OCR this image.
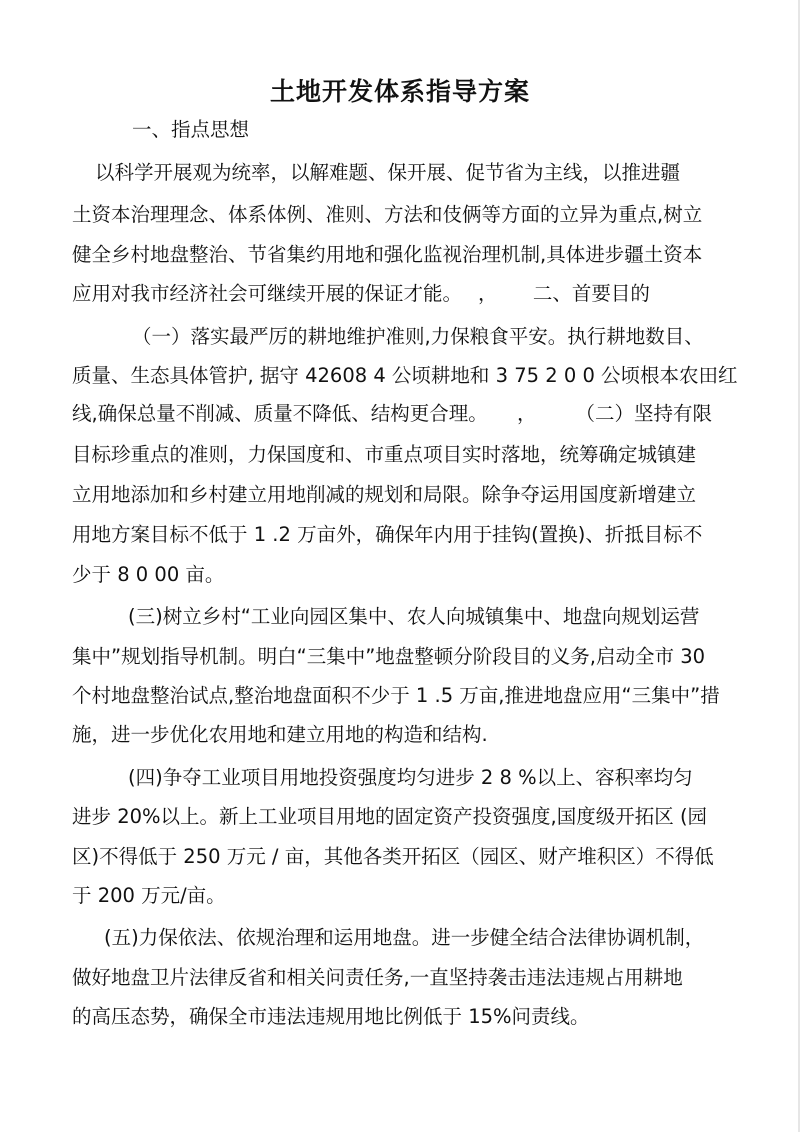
土地开发体系指导方案
一、指点思想
以科学开展观为统率，以解难题、保开展、促节省为主线，以推进疆
土资本治理理念、体系体例、准则、方法和伎俩等方面的立异为重点,树立
健全乡村地盘整治、节省集约用地和强化监视治理机制,具体进步疆土资本
应用对我市经济社会可继续开展的保证才能。　 ，　　 二、首要目的
（一）落实最严厉的耕地维护准则,力保粮食平安。执行耕地数目、
质量、生态具体管护, 据守 42608 4 公顷耕地和 3 75 2 0 0 公顷根本农田红
线,确保总量不削减、质量不降低、结构更合理。　　，　　　（二）坚持有限
目标珍重点的准则，力保国度和、市重点项目实时落地，统筹确定城镇建
立用地添加和乡村建立用地削减的规划和局限。除争夺运用国度新增建立
用地方案目标不低于 1 .2 万亩外，确保年内用于挂钩(置换)、折抵目标不
少于 8 0 00 亩。
(三)树立乡村“工业向园区集中、农人向城镇集中、地盘向规划运营
集中”规划指导机制。明白“三集中”地盘整顿分阶段目的义务,启动全市 30
个村地盘整治试点,整治地盘面积不少于 1 .5 万亩,推进地盘应用“三集中”措
施，进一步优化农用地和建立用地的构造和结构.
(四)争夺工业项目用地投资强度均匀进步 2 8 %以上、容积率均匀
进步 20%以上。新上工业项目用地的固定资产投资强度,国度级开拓区 (园
区)不得低于 250 万元 / 亩，其他各类开拓区（园区、财产堆积区）不得低
于 200 万元/亩。
(五)力保依法、依规治理和运用地盘。进一步健全结合法律协调机制，
做好地盘卫片法律反省和相关问责任务,一直坚持袭击违法违规占用耕地
的高压态势，确保全市违法违规用地比例低于 15%问责线。
